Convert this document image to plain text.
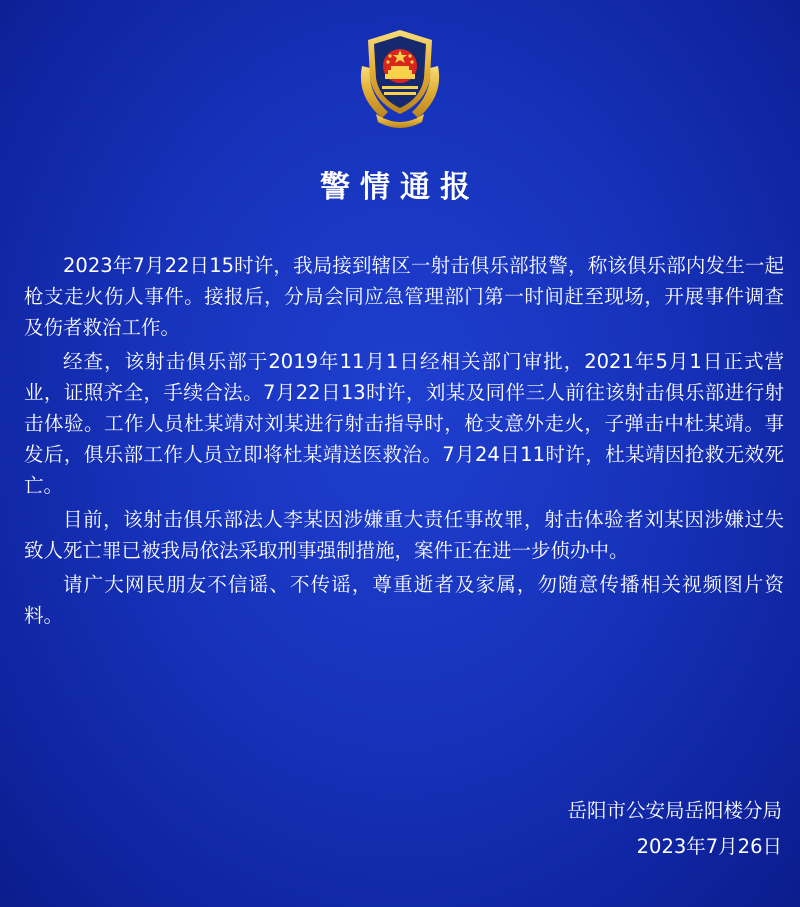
警情通报

2023年7月22日15时许，我局接到辖区一射击俱乐部报警，称该俱乐部内发生一起枪支走火伤人事件。接报后，分局会同应急管理部门第一时间赶至现场，开展事件调查及伤者救治工作。

经查，该射击俱乐部于2019年11月1日经相关部门审批，2021年5月1日正式营业，证照齐全，手续合法。7月22日13时许，刘某及同伴三人前往该射击俱乐部进行射击体验。工作人员杜某靖对刘某进行射击指导时，枪支意外走火，子弹击中杜某靖。事发后，俱乐部工作人员立即将杜某靖送医救治。7月24日11时许，杜某靖因抢救无效死亡。

目前，该射击俱乐部法人李某因涉嫌重大责任事故罪，射击体验者刘某因涉嫌过失致人死亡罪已被我局依法采取刑事强制措施，案件正在进一步侦办中。

请广大网民朋友不信谣、不传谣，尊重逝者及家属，勿随意传播相关视频图片资料。

岳阳市公安局岳阳楼分局
2023年7月26日
